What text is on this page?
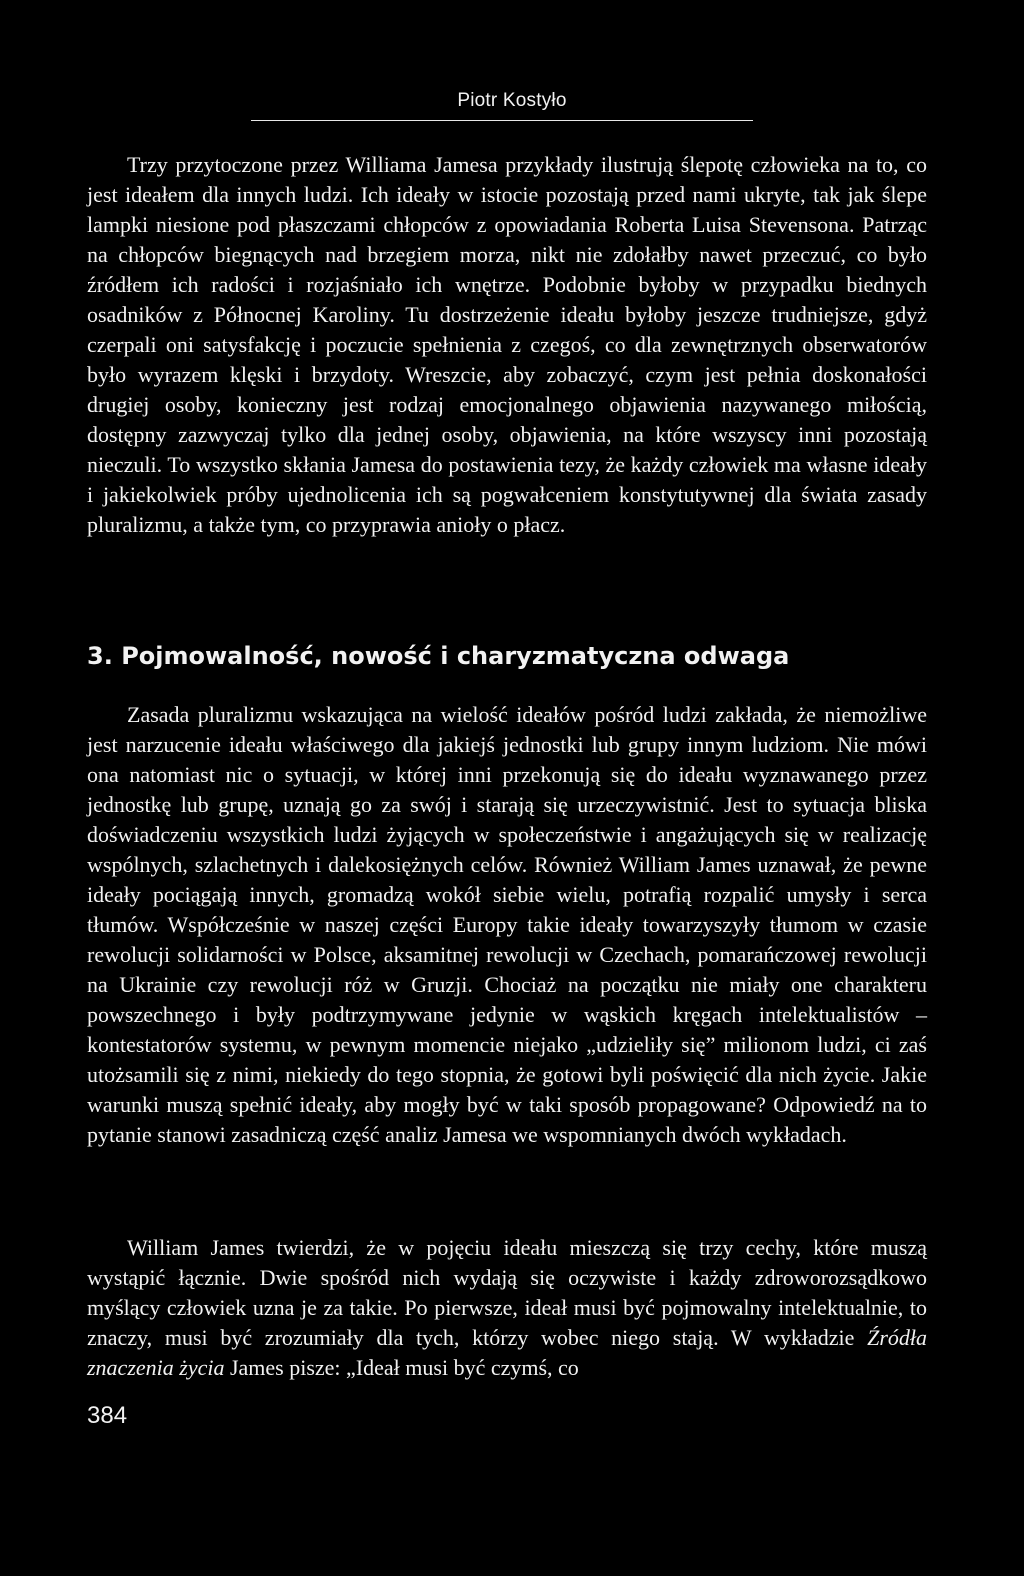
Piotr Kostyło

Trzy przytoczone przez Williama Jamesa przykłady ilustrują ślepotę człowieka na to, co jest ideałem dla innych ludzi. Ich ideały w istocie pozostają przed nami ukryte, tak jak ślepe lampki niesione pod płaszczami chłopców z opowiadania Roberta Luisa Stevensona. Patrząc na chłopców biegnących nad brzegiem morza, nikt nie zdołałby nawet przeczuć, co było źródłem ich radości i rozjaśniało ich wnętrze. Podobnie byłoby w przypadku biednych osadników z Północnej Karoliny. Tu dostrzeżenie ideału byłoby jeszcze trudniejsze, gdyż czerpali oni satysfakcję i poczucie spełnienia z czegoś, co dla zewnętrznych obserwatorów było wyrazem klęski i brzydoty. Wreszcie, aby zobaczyć, czym jest pełnia doskonałości drugiej osoby, konieczny jest rodzaj emocjonalnego objawienia nazywanego miłością, dostępny zazwyczaj tylko dla jednej osoby, objawienia, na które wszyscy inni pozostają nieczuli. To wszystko skłania Jamesa do postawienia tezy, że każdy człowiek ma własne ideały i jakiekolwiek próby ujednolicenia ich są pogwałceniem konstytutywnej dla świata zasady pluralizmu, a także tym, co przyprawia anioły o płacz.

3. Pojmowalność, nowość i charyzmatyczna odwaga

Zasada pluralizmu wskazująca na wielość ideałów pośród ludzi zakłada, że niemożliwe jest narzucenie ideału właściwego dla jakiejś jednostki lub grupy innym ludziom. Nie mówi ona natomiast nic o sytuacji, w której inni przekonują się do ideału wyznawanego przez jednostkę lub grupę, uznają go za swój i starają się urzeczywistnić. Jest to sytuacja bliska doświadczeniu wszystkich ludzi żyjących w społeczeństwie i angażujących się w realizację wspólnych, szlachetnych i dalekosiężnych celów. Również William James uznawał, że pewne ideały pociągają innych, gromadzą wokół siebie wielu, potrafią rozpalić umysły i serca tłumów. Współcześnie w naszej części Europy takie ideały towarzyszyły tłumom w czasie rewolucji solidarności w Polsce, aksamitnej rewolucji w Czechach, pomarańczowej rewolucji na Ukrainie czy rewolucji róż w Gruzji. Chociaż na początku nie miały one charakteru powszechnego i były podtrzymywane jedynie w wąskich kręgach intelektualistów – kontestatorów systemu, w pewnym momencie niejako „udzieliły się” milionom ludzi, ci zaś utożsamili się z nimi, niekiedy do tego stopnia, że gotowi byli poświęcić dla nich życie. Jakie warunki muszą spełnić ideały, aby mogły być w taki sposób propagowane? Odpowiedź na to pytanie stanowi zasadniczą część analiz Jamesa we wspomnianych dwóch wykładach.

William James twierdzi, że w pojęciu ideału mieszczą się trzy cechy, które muszą wystąpić łącznie. Dwie spośród nich wydają się oczywiste i każdy zdroworozsądkowo myślący człowiek uzna je za takie. Po pierwsze, ideał musi być pojmowalny intelektualnie, to znaczy, musi być zrozumiały dla tych, którzy wobec niego stają. W wykładzie Źródła znaczenia życia James pisze: „Ideał musi być czymś, co

384
